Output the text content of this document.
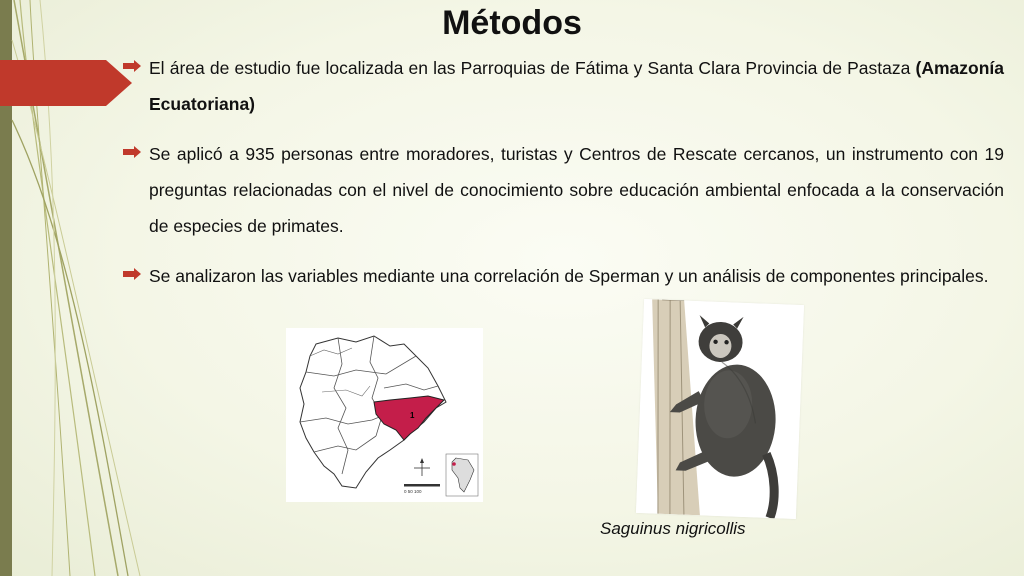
Métodos

El área de estudio fue localizada en las Parroquias de Fátima y Santa Clara Provincia de Pastaza (Amazonía Ecuatoriana)

Se aplicó a 935 personas entre moradores, turistas y Centros de Rescate cercanos, un instrumento con 19 preguntas relacionadas con el nivel de conocimiento sobre educación ambiental enfocada a la conservación de especies de primates.

Se analizaron las variables mediante una correlación de Sperman y un análisis de componentes principales.

1
0 50 100
Saguinus nigricollis
